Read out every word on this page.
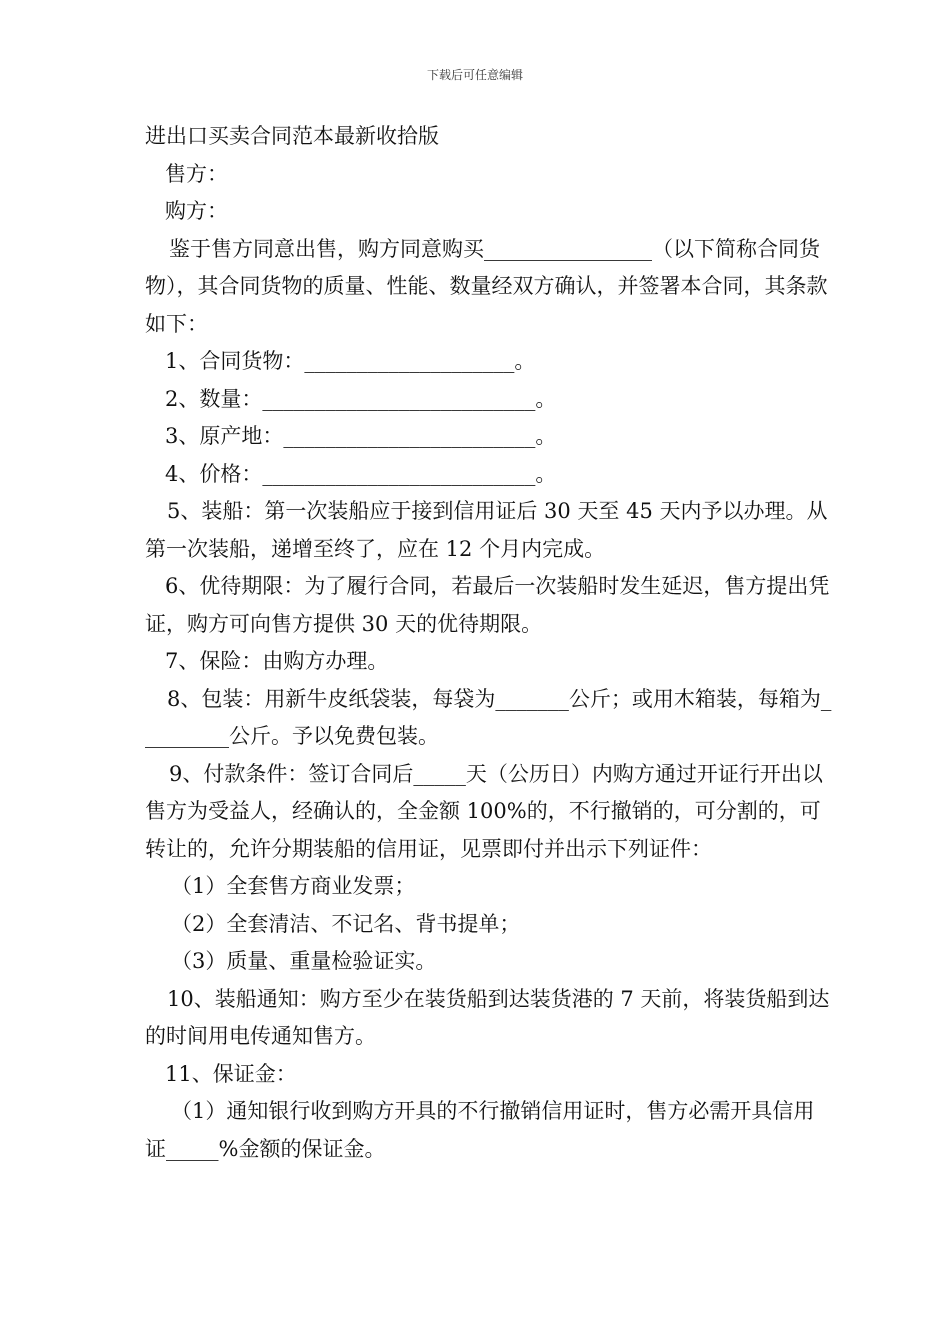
下载后可任意编辑

进出口买卖合同范本最新收拾版

售方：

购方：

鉴于售方同意出售，购方同意购买________________（以下简称合同货物），其合同货物的质量、性能、数量经双方确认，并签署本合同，其条款如下：

1、合同货物：____________________。

2、数量：__________________________。

3、原产地：________________________。

4、价格：__________________________。

5、装船：第一次装船应于接到信用证后 30 天至 45 天内予以办理。从第一次装船，递增至终了，应在 12 个月内完成。

6、优待期限：为了履行合同，若最后一次装船时发生延迟，售方提出凭证，购方可向售方提供 30 天的优待期限。

7、保险：由购方办理。

8、包装：用新牛皮纸袋装，每袋为_______公斤；或用木箱装，每箱为_________公斤。予以免费包装。

9、付款条件：签订合同后_____天（公历日）内购方通过开证行开出以售方为受益人，经确认的，全金额 100%的，不行撤销的，可分割的，可转让的，允许分期装船的信用证，见票即付并出示下列证件：

（1）全套售方商业发票；

（2）全套清洁、不记名、背书提单；

（3）质量、重量检验证实。

10、装船通知：购方至少在装货船到达装货港的 7 天前，将装货船到达的时间用电传通知售方。

11、保证金：

（1）通知银行收到购方开具的不行撤销信用证时，售方必需开具信用证_____%金额的保证金。
